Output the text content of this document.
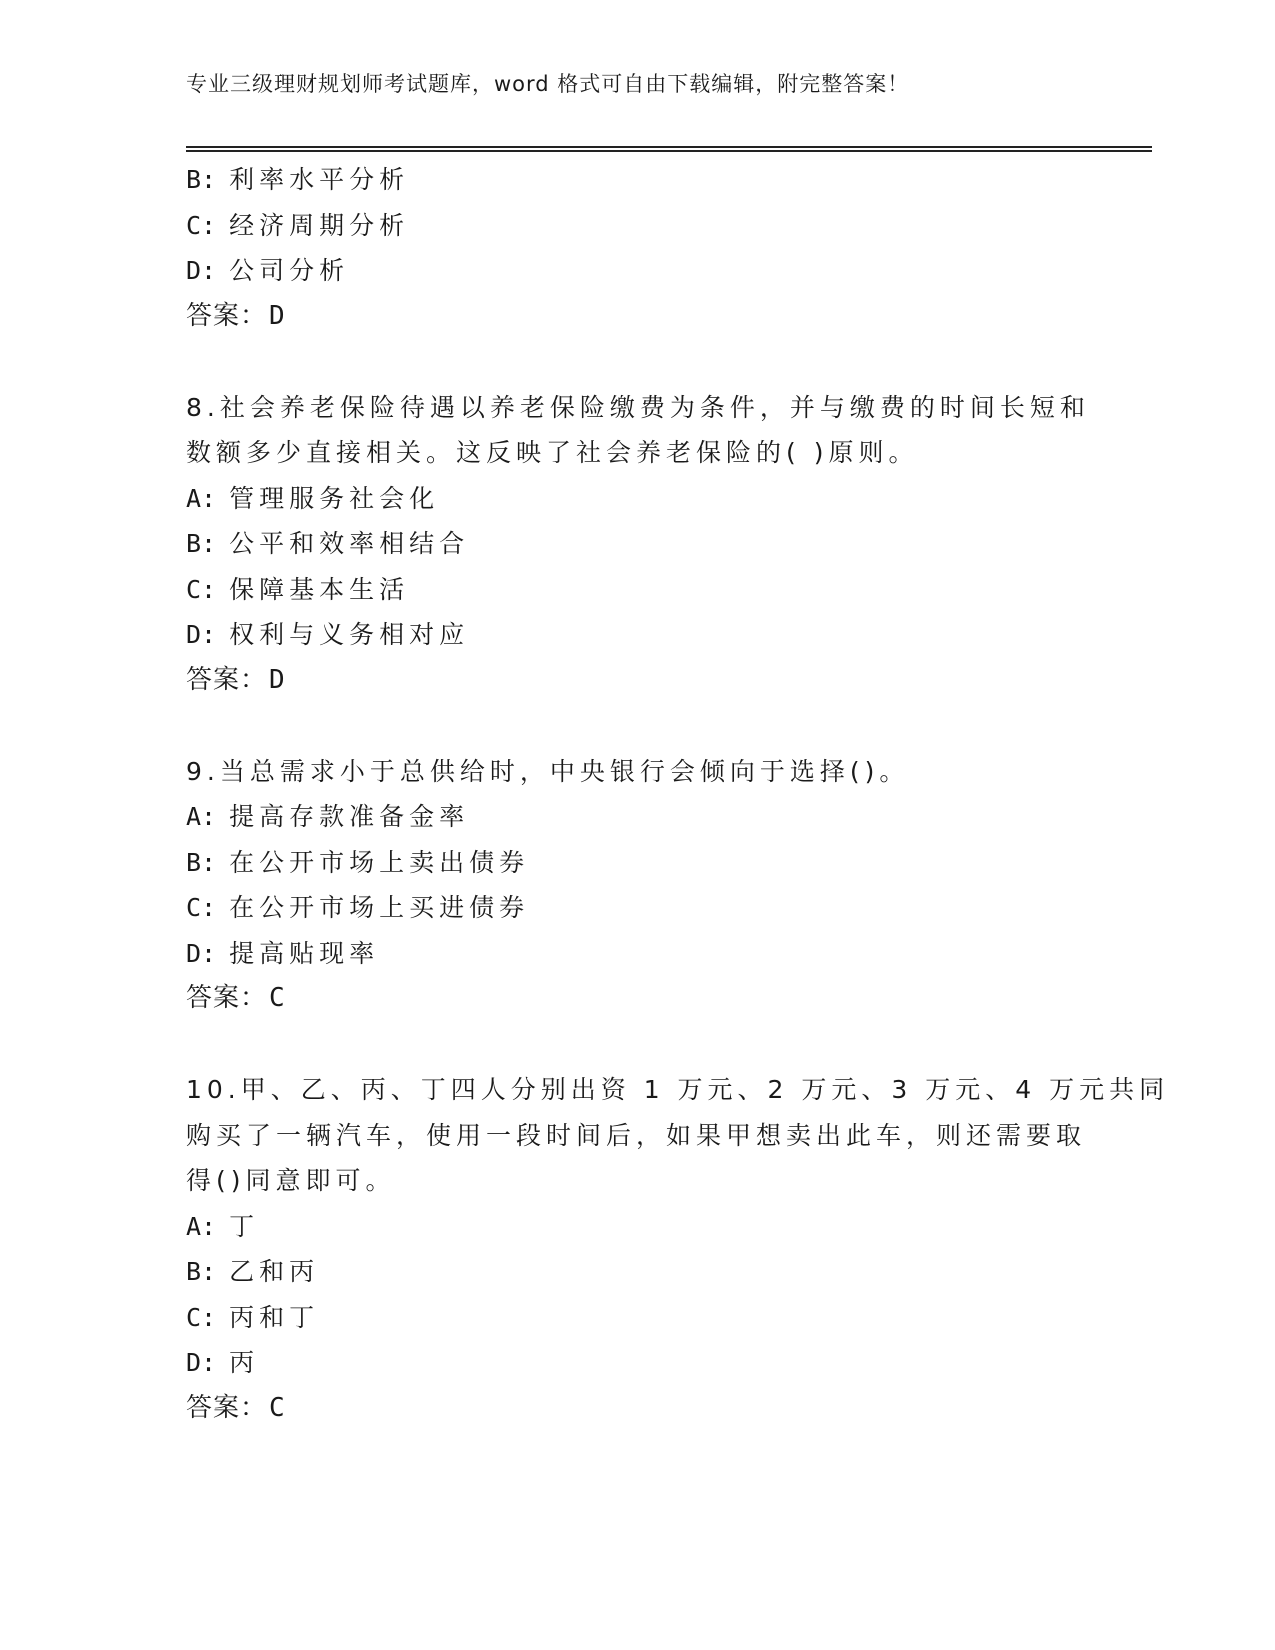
专业三级理财规划师考试题库，word 格式可自由下载编辑，附完整答案！
B: 利率水平分析
C: 经济周期分析
D: 公司分析
答案：D
8.社会养老保险待遇以养老保险缴费为条件，并与缴费的时间长短和
数额多少直接相关。这反映了社会养老保险的( )原则。
A: 管理服务社会化
B: 公平和效率相结合
C: 保障基本生活
D: 权利与义务相对应
答案：D
9.当总需求小于总供给时，中央银行会倾向于选择()。
A: 提高存款准备金率
B: 在公开市场上卖出债券
C: 在公开市场上买进债券
D: 提高贴现率
答案：C
10.甲、乙、丙、丁四人分别出资 1 万元、2 万元、3 万元、4 万元共同
购买了一辆汽车，使用一段时间后，如果甲想卖出此车，则还需要取
得()同意即可。
A: 丁
B: 乙和丙
C: 丙和丁
D: 丙
答案：C
